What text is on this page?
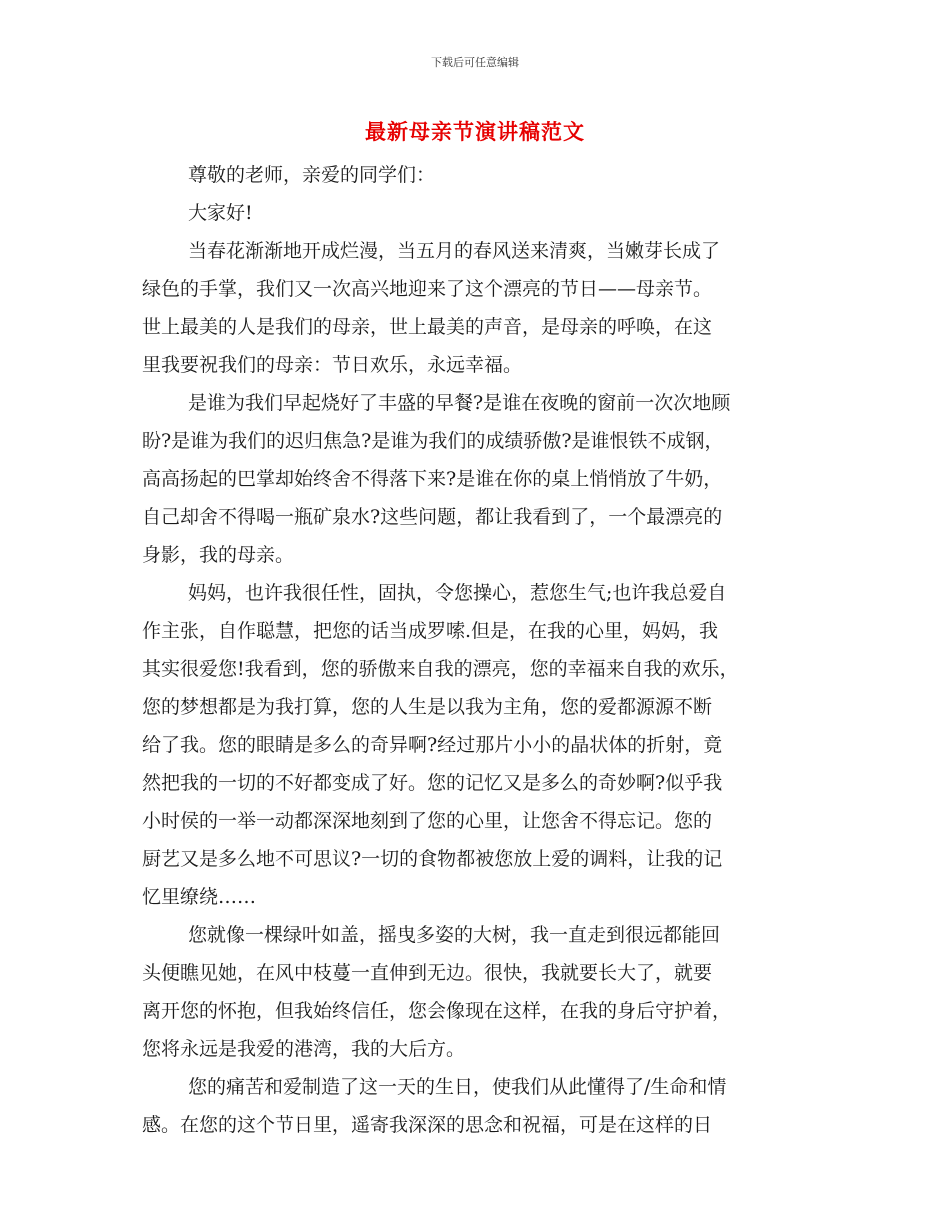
下载后可任意编辑
最新母亲节演讲稿范文
尊敬的老师，亲爱的同学们：
大家好!
当春花渐渐地开成烂漫，当五月的春风送来清爽，当嫩芽长成了
绿色的手掌，我们又一次高兴地迎来了这个漂亮的节日——母亲节。
世上最美的人是我们的母亲，世上最美的声音，是母亲的呼唤，在这
里我要祝我们的母亲：节日欢乐，永远幸福。
是谁为我们早起烧好了丰盛的早餐?是谁在夜晚的窗前一次次地顾
盼?是谁为我们的迟归焦急?是谁为我们的成绩骄傲?是谁恨铁不成钢，
高高扬起的巴掌却始终舍不得落下来?是谁在你的桌上悄悄放了牛奶，
自己却舍不得喝一瓶矿泉水?这些问题，都让我看到了，一个最漂亮的
身影，我的母亲。
妈妈，也许我很任性，固执，令您操心，惹您生气;也许我总爱自
作主张，自作聪慧，把您的话当成罗嗦.但是，在我的心里，妈妈，我
其实很爱您!我看到，您的骄傲来自我的漂亮，您的幸福来自我的欢乐，
您的梦想都是为我打算，您的人生是以我为主角，您的爱都源源不断
给了我。您的眼睛是多么的奇异啊?经过那片小小的晶状体的折射，竟
然把我的一切的不好都变成了好。您的记忆又是多么的奇妙啊?似乎我
小时侯的一举一动都深深地刻到了您的心里，让您舍不得忘记。您的
厨艺又是多么地不可思议?一切的食物都被您放上爱的调料，让我的记
忆里缭绕……
您就像一棵绿叶如盖，摇曳多姿的大树，我一直走到很远都能回
头便瞧见她，在风中枝蔓一直伸到无边。很快，我就要长大了，就要
离开您的怀抱，但我始终信任，您会像现在这样，在我的身后守护着，
您将永远是我爱的港湾，我的大后方。
您的痛苦和爱制造了这一天的生日，使我们从此懂得了/生命和情
感。在您的这个节日里，遥寄我深深的思念和祝福，可是在这样的日
